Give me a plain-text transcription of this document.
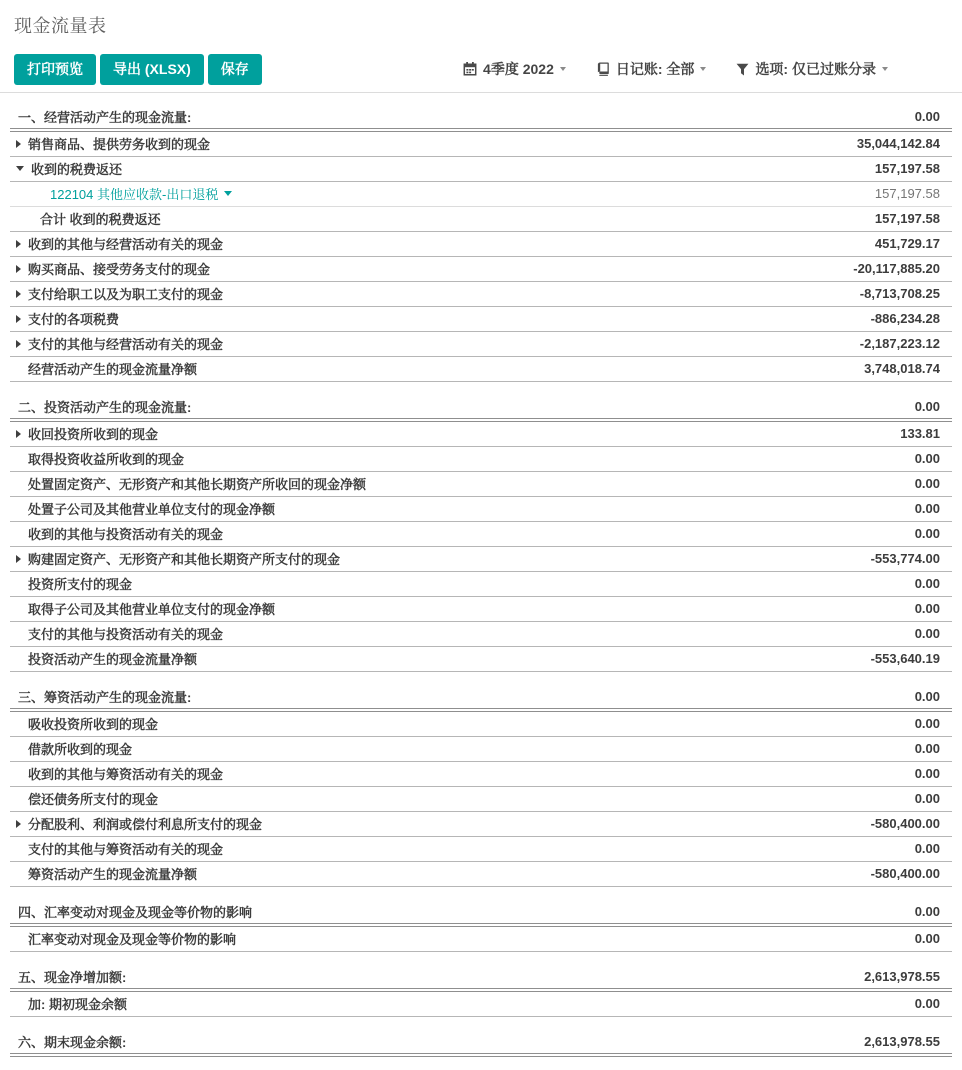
现金流量表
打印预览	导出 (XLSX)	保存	4季度 2022	日记账: 全部	选项: 仅已过账分录
一、经营活动产生的现金流量:	0.00
销售商品、提供劳务收到的现金	35,044,142.84
收到的税费返还	157,197.58
122104 其他应收款-出口退税	157,197.58
合计 收到的税费返还	157,197.58
收到的其他与经营活动有关的现金	451,729.17
购买商品、接受劳务支付的现金	-20,117,885.20
支付给职工以及为职工支付的现金	-8,713,708.25
支付的各项税费	-886,234.28
支付的其他与经营活动有关的现金	-2,187,223.12
经营活动产生的现金流量净额	3,748,018.74
二、投资活动产生的现金流量:	0.00
收回投资所收到的现金	133.81
取得投资收益所收到的现金	0.00
处置固定资产、无形资产和其他长期资产所收回的现金净额	0.00
处置子公司及其他营业单位支付的现金净额	0.00
收到的其他与投资活动有关的现金	0.00
购建固定资产、无形资产和其他长期资产所支付的现金	-553,774.00
投资所支付的现金	0.00
取得子公司及其他营业单位支付的现金净额	0.00
支付的其他与投资活动有关的现金	0.00
投资活动产生的现金流量净额	-553,640.19
三、筹资活动产生的现金流量:	0.00
吸收投资所收到的现金	0.00
借款所收到的现金	0.00
收到的其他与筹资活动有关的现金	0.00
偿还债务所支付的现金	0.00
分配股利、利润或偿付利息所支付的现金	-580,400.00
支付的其他与筹资活动有关的现金	0.00
筹资活动产生的现金流量净额	-580,400.00
四、汇率变动对现金及现金等价物的影响	0.00
汇率变动对现金及现金等价物的影响	0.00
五、现金净增加额:	2,613,978.55
加: 期初现金余额	0.00
六、期末现金余额:	2,613,978.55
